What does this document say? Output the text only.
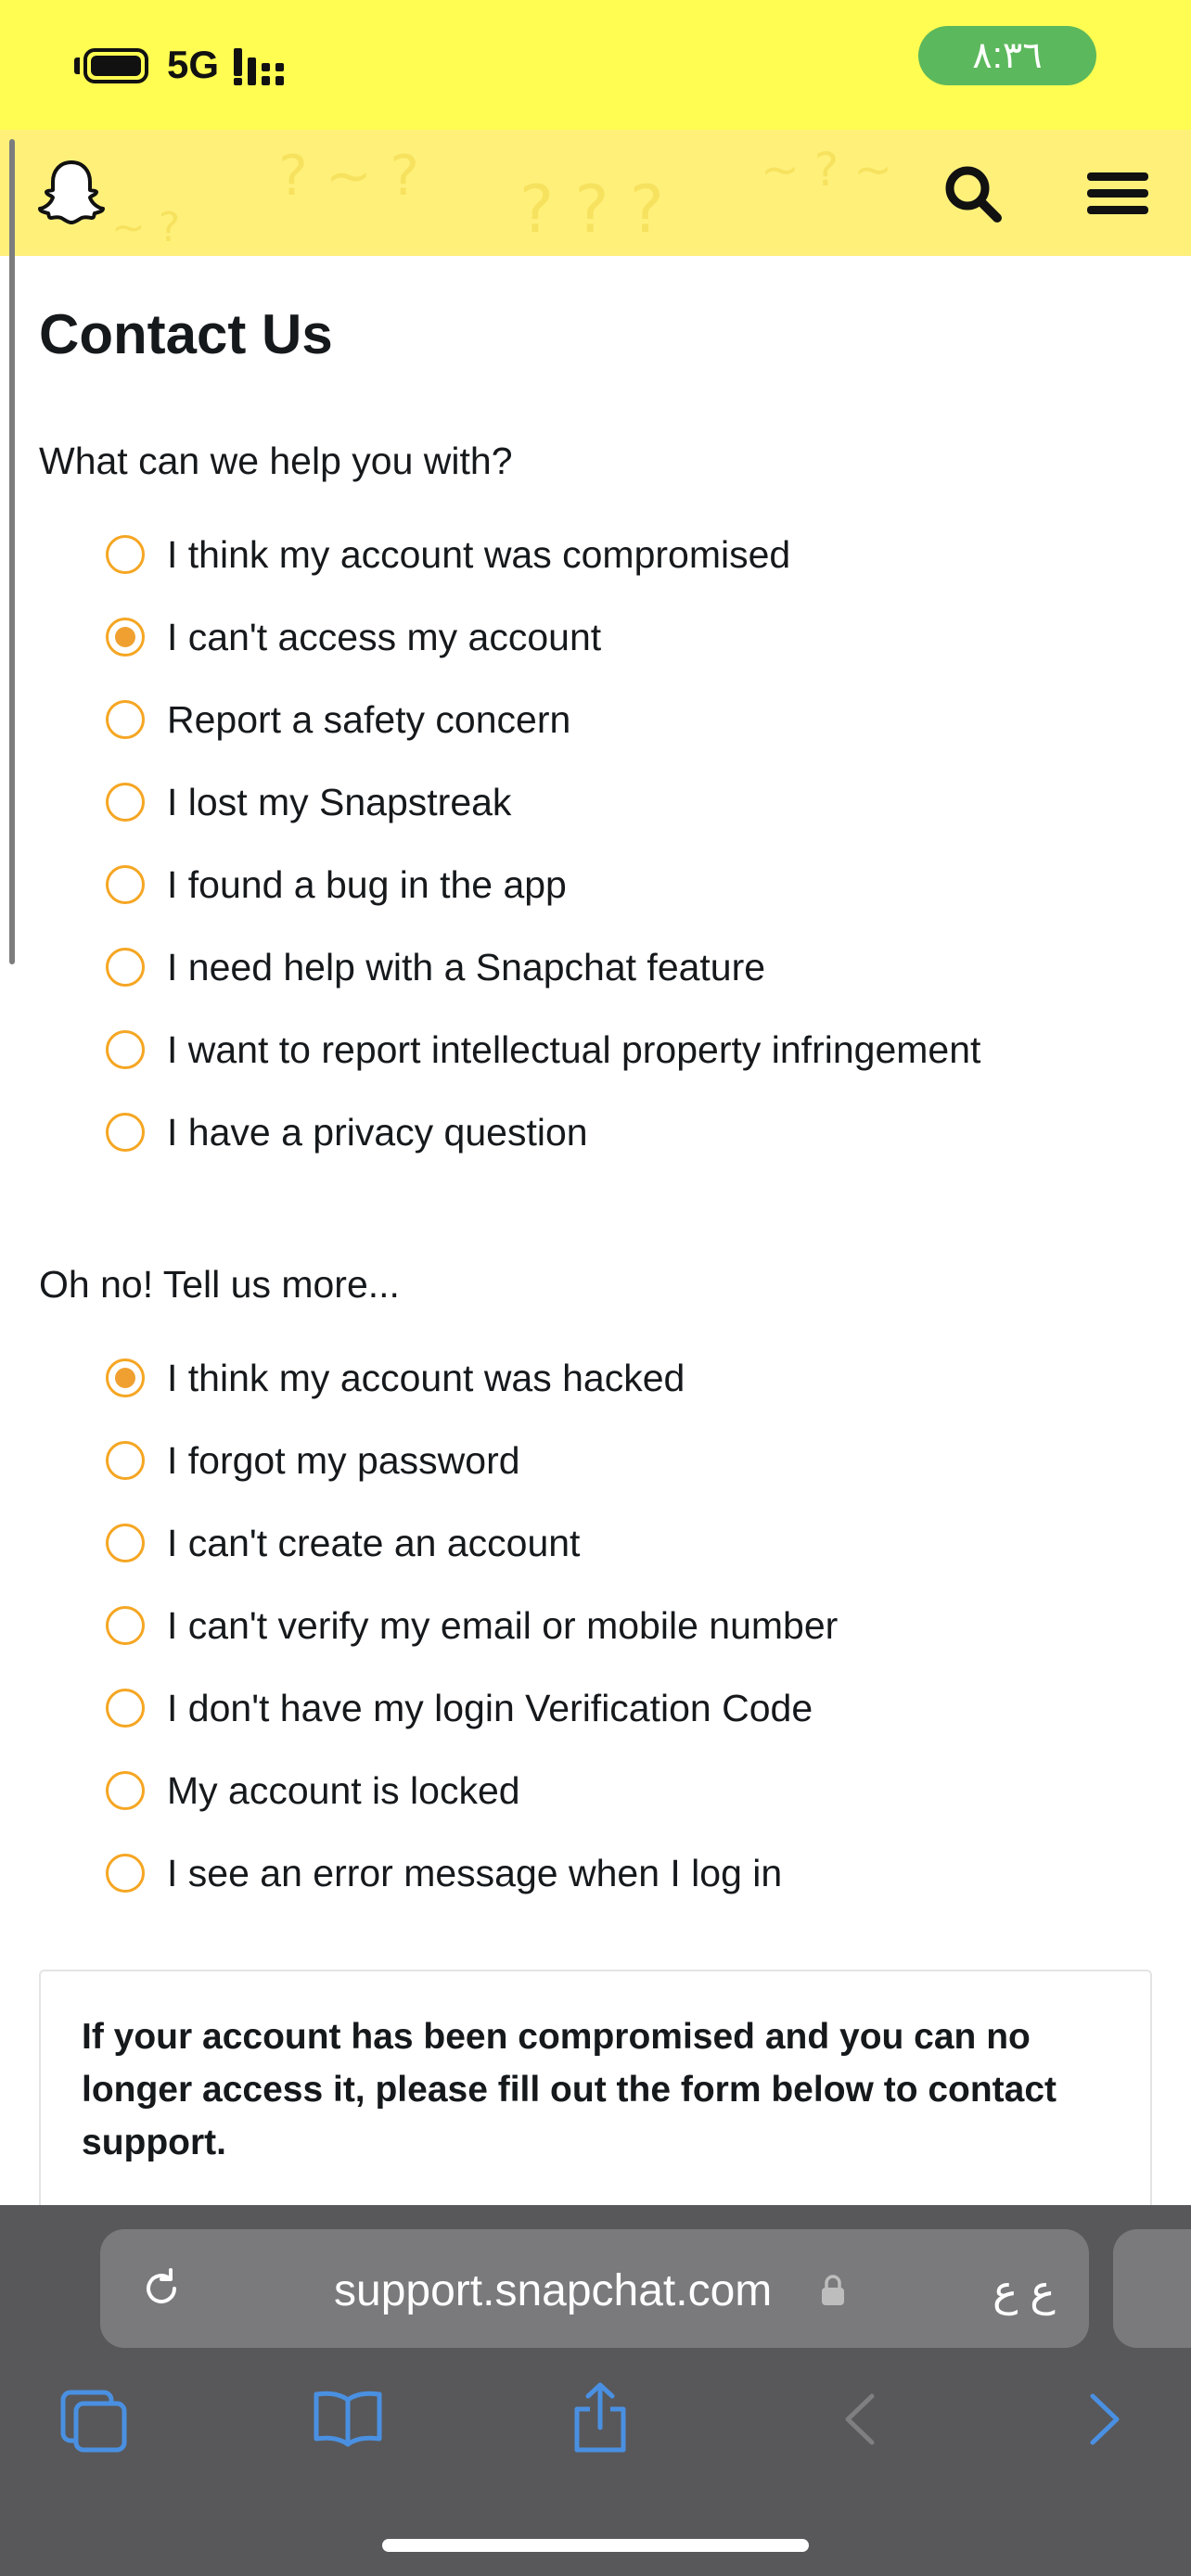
5G	٨:٣٦
? ~ ? ? ? ?
~ ? ~
~ ?
Contact Us
What can we help you with?
I think my account was compromised
I can't access my account
Report a safety concern
I lost my Snapstreak
I found a bug in the app
I need help with a Snapchat feature
I want to report intellectual property infringement
I have a privacy question
Oh no! Tell us more...
I think my account was hacked
I forgot my password
I can't create an account
I can't verify my email or mobile number
I don't have my login Verification Code
My account is locked
I see an error message when I log in
If your account has been compromised and you can no longer access it, please fill out the form below to contact support.
support.snapchat.com	ع ع
